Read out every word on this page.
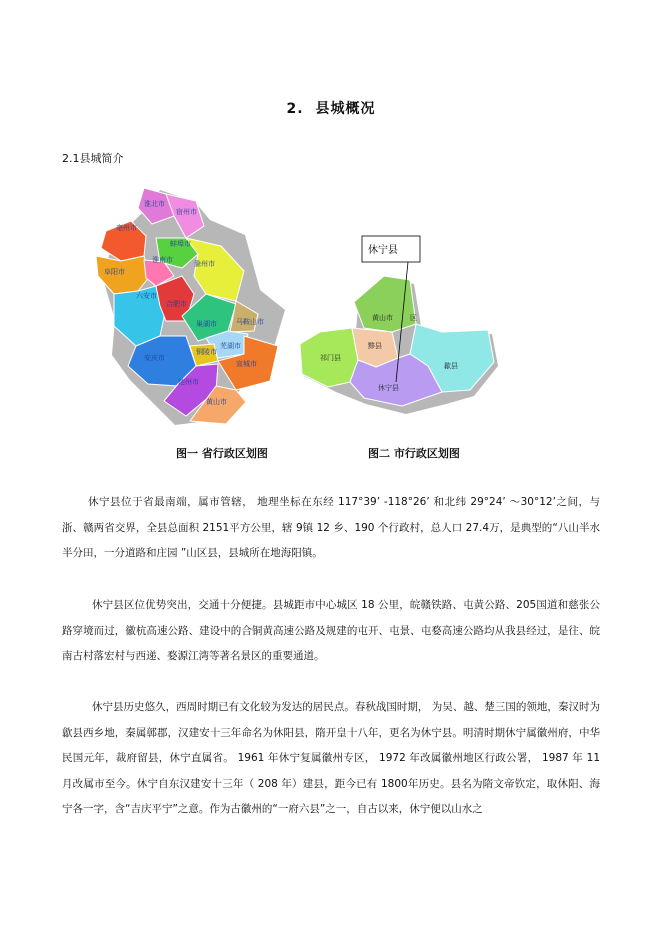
2. 县城概况
2.1县城简介
淮北市
宿州市
亳州市
蚌埠市
阜阳市
淮南市	滁州市
六安市
合肥市
巢湖市	马鞍山市
芜湖市
铜陵市
安庆市
宣城市
池州市
黄山市
休宁县
黄山市 区
黟县
祁门县
歙县
休宁县
图一 省行政区划图	图二 市行政区划图
休宁县位于省最南端，属市管辖， 地理坐标在东经 117°39’ -118°26’ 和北纬 29°24’ ～30°12’之间，与浙、赣两省交界，全县总面积 2151平方公里，辖 9镇 12 乡、190 个行政村，总人口 27.4万，是典型的“八山半水半分田，一分道路和庄园 ”山区县，县城所在地海阳镇。
休宁县区位优势突出，交通十分便捷。县城距市中心城区 18 公里，皖赣铁路、屯黄公路、205国道和慈张公路穿境而过，徽杭高速公路、建设中的合铜黄高速公路及规建的屯开、屯景、屯婺高速公路均从我县经过，是往、皖南古村落宏村与西递、婺源江湾等著名景区的重要通道。
休宁县历史悠久，西周时期已有文化较为发达的居民点。春秋战国时期， 为吴、越、楚三国的领地，秦汉时为歙县西乡地，秦属鄣郡，汉建安十三年命名为休阳县，隋开皇十八年，更名为休宁县。明清时期休宁属徽州府，中华民国元年，裁府留县，休宁直属省。 1961 年休宁复属徽州专区， 1972 年改属徽州地区行政公署， 1987 年 11 月改属市至今。休宁自东汉建安十三年（ 208 年）建县，距今已有 1800年历史。县名为隋文帝钦定，取休阳、海宁各一字，含“吉庆平宁”之意。作为古徽州的“一府六县”之一，自古以来，休宁便以山水之
